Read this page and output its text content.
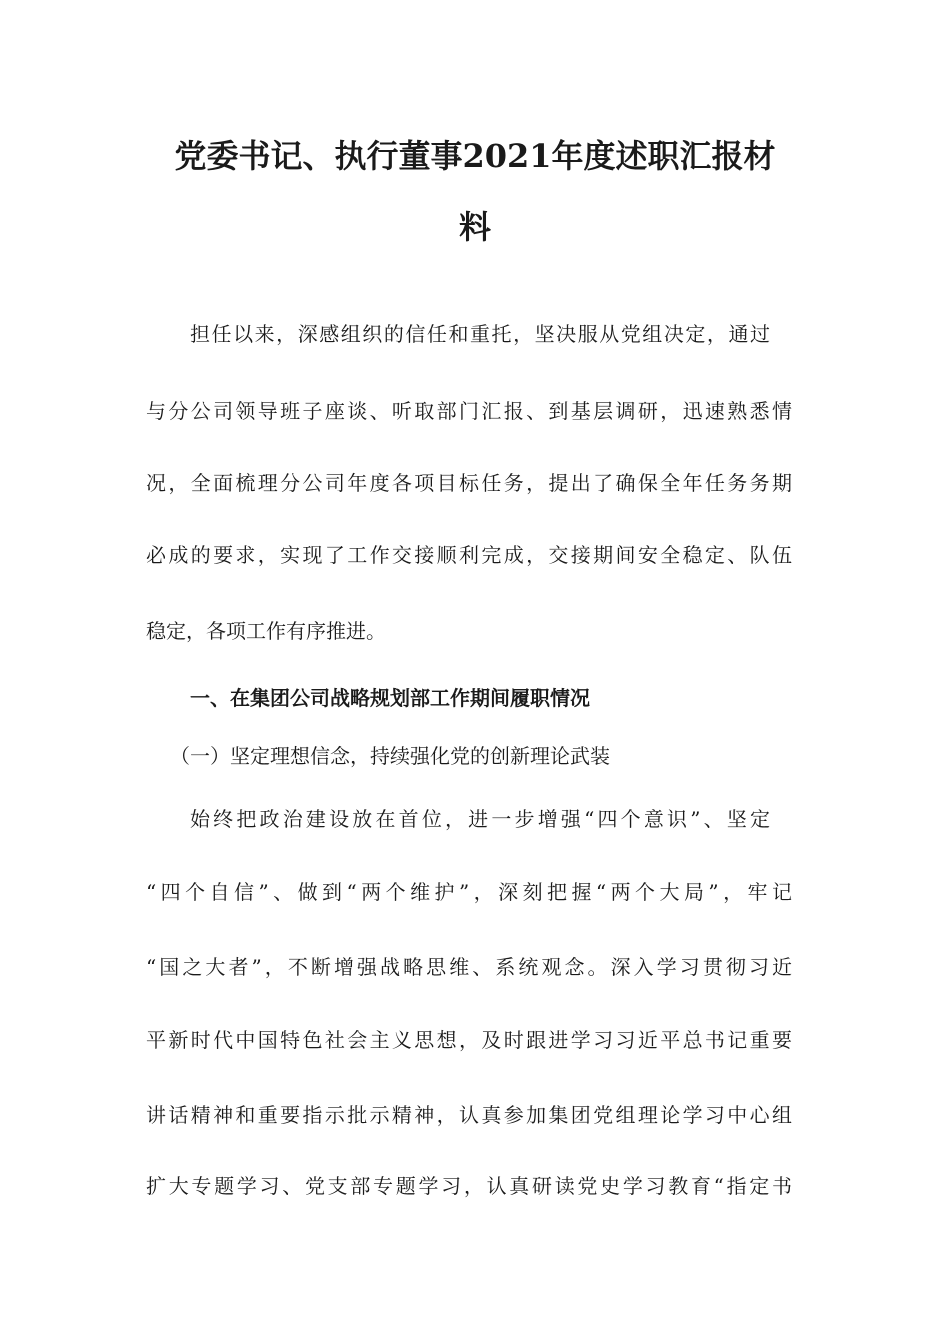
党委书记、执行董事2021年度述职汇报材
料
担任以来，深感组织的信任和重托，坚决服从党组决定，通过
与分公司领导班子座谈、听取部门汇报、到基层调研，迅速熟悉情
况，全面梳理分公司年度各项目标任务，提出了确保全年任务务期
必成的要求，实现了工作交接顺利完成，交接期间安全稳定、队伍
稳定，各项工作有序推进。
一、在集团公司战略规划部工作期间履职情况
（一）坚定理想信念，持续强化党的创新理论武装
始终把政治建设放在首位，进一步增强“四个意识”、坚定
“四个自信”、做到“两个维护”，深刻把握“两个大局”，牢记
“国之大者”，不断增强战略思维、系统观念。深入学习贯彻习近
平新时代中国特色社会主义思想，及时跟进学习习近平总书记重要
讲话精神和重要指示批示精神，认真参加集团党组理论学习中心组
扩大专题学习、党支部专题学习，认真研读党史学习教育“指定书
